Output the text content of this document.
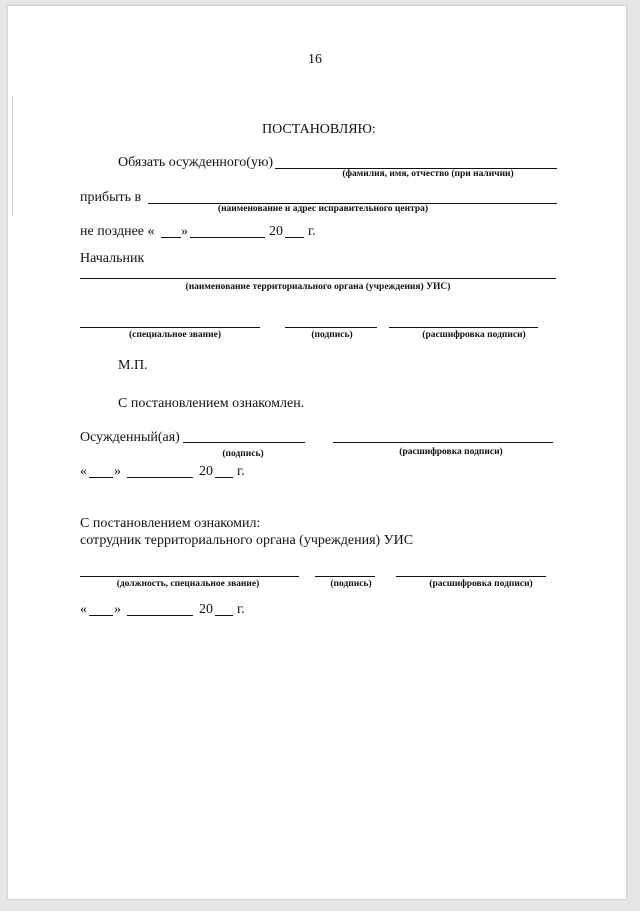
16
ПОСТАНОВЛЯЮ:
Обязать осужденного(ую)
(фамилия, имя, отчество (при наличии)
прибыть в
(наименование и адрес исправительного центра)
не позднее « »	20 г.
Начальник
(наименование территориального органа (учреждения) УИС)
(специальное звание)	(подпись)	(расшифровка подписи)
М.П.
С постановлением ознакомлен.
Осужденный(ая)
(подпись)	(расшифровка подписи)
« »	20 г.
С постановлением ознакомил:
сотрудник территориального органа (учреждения) УИС
(должность, специальное звание)	(подпись)	(расшифровка подписи)
« »	20 г.
